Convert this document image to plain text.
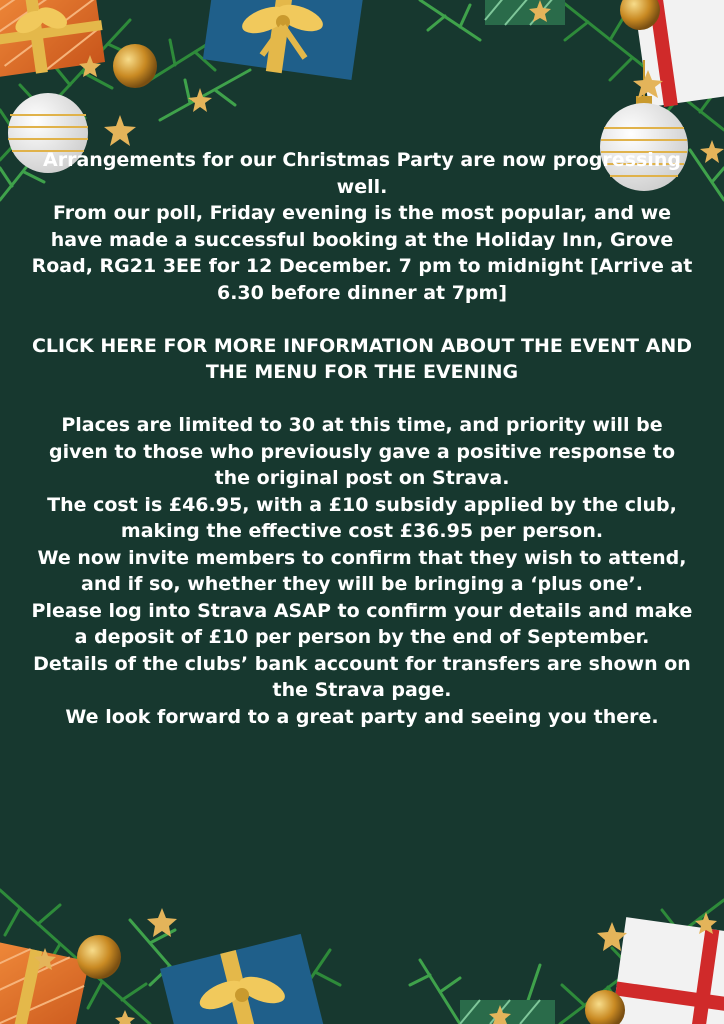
Arrangements for our Christmas Party are now progressing well.

From our poll, Friday evening is the most popular, and we have made a successful booking at the Holiday Inn, Grove Road, RG21 3EE for 12 December. 7 pm to midnight [Arrive at 6.30 before dinner at 7pm]

CLICK HERE FOR MORE INFORMATION ABOUT THE EVENT AND THE MENU FOR THE EVENING

Places are limited to 30 at this time, and priority will be given to those who previously gave a positive response to the original post on Strava.

The cost is £46.95, with a £10 subsidy applied by the club, making the effective cost £36.95 per person.

We now invite members to confirm that they wish to attend, and if so, whether they will be bringing a ‘plus one’.

Please log into Strava ASAP to confirm your details and make a deposit of £10 per person by the end of September.

Details of the clubs’ bank account for transfers are shown on the Strava page.

We look forward to a great party and seeing you there.
